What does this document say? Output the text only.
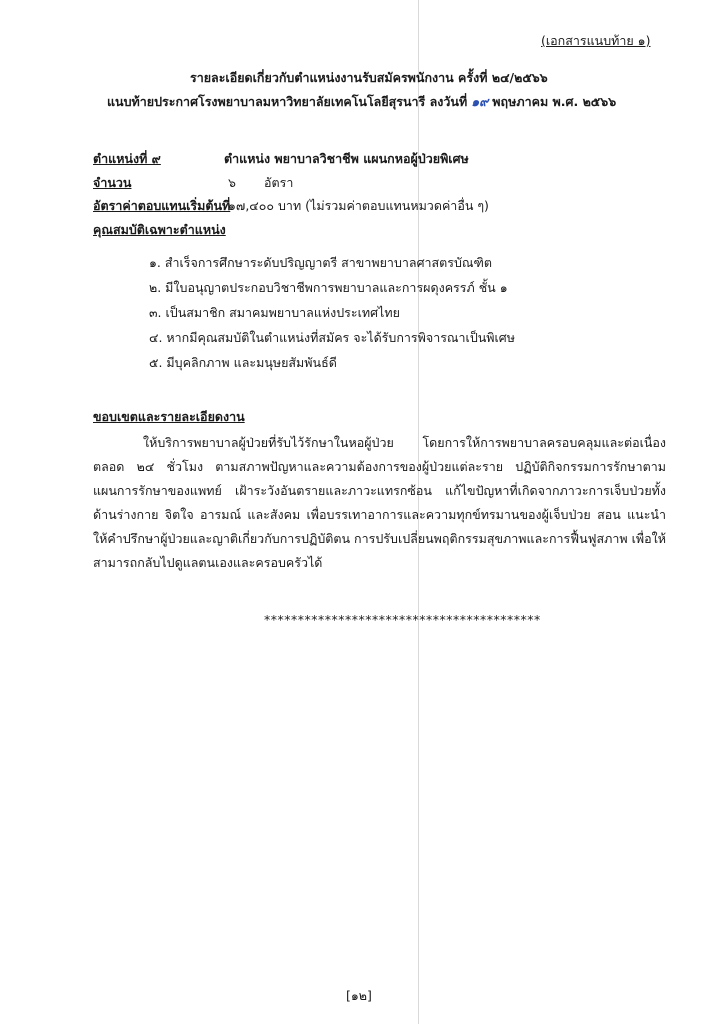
(เอกสารแนบท้าย ๑)
รายละเอียดเกี่ยวกับตำแหน่งงานรับสมัครพนักงาน ครั้งที่ ๒๔/๒๕๖๖
แนบท้ายประกาศโรงพยาบาลมหาวิทยาลัยเทคโนโลยีสุรนารี ลงวันที่ ๑๙ พฤษภาคม พ.ศ. ๒๕๖๖
ตำแหน่งที่ ๙	ตำแหน่ง พยาบาลวิชาชีพ แผนกหอผู้ป่วยพิเศษ
จำนวน	๖ อัตรา
อัตราค่าตอบแทนเริ่มต้นที่
๑๗,๔๐๐ บาท (ไม่รวมค่าตอบแทนหมวดค่าอื่น ๆ)
คุณสมบัติเฉพาะตำแหน่ง
๑. สำเร็จการศึกษาระดับปริญญาตรี สาขาพยาบาลศาสตรบัณฑิต
๒. มีใบอนุญาตประกอบวิชาชีพการพยาบาลและการผดุงครรภ์ ชั้น ๑
๓. เป็นสมาชิก สมาคมพยาบาลแห่งประเทศไทย
๔. หากมีคุณสมบัติในตำแหน่งที่สมัคร จะได้รับการพิจารณาเป็นพิเศษ
๕. มีบุคลิกภาพ และมนุษยสัมพันธ์ดี
ขอบเขตและรายละเอียดงาน

ให้บริการพยาบาลผู้ป่วยที่รับไว้รักษาในหอผู้ป่วย โดยการให้การพยาบาลครอบคลุมและต่อเนื่องตลอด ๒๔ ชั่วโมง ตามสภาพปัญหาและความต้องการของผู้ป่วยแต่ละราย ปฏิบัติกิจกรรมการรักษาตามแผนการรักษาของแพทย์ เฝ้าระวังอันตรายและภาวะแทรกซ้อน แก้ไขปัญหาที่เกิดจากภาวะการเจ็บป่วยทั้งด้านร่างกาย จิตใจ อารมณ์ และสังคม เพื่อบรรเทาอาการและความทุกข์ทรมานของผู้เจ็บป่วย สอน แนะนำ ให้คำปรึกษาผู้ป่วยและญาติเกี่ยวกับการปฏิบัติตน การปรับเปลี่ยนพฤติกรรมสุขภาพและการฟื้นฟูสภาพ เพื่อให้สามารถกลับไปดูแลตนเองและครอบครัวได้

*****************************************
[๑๒]
